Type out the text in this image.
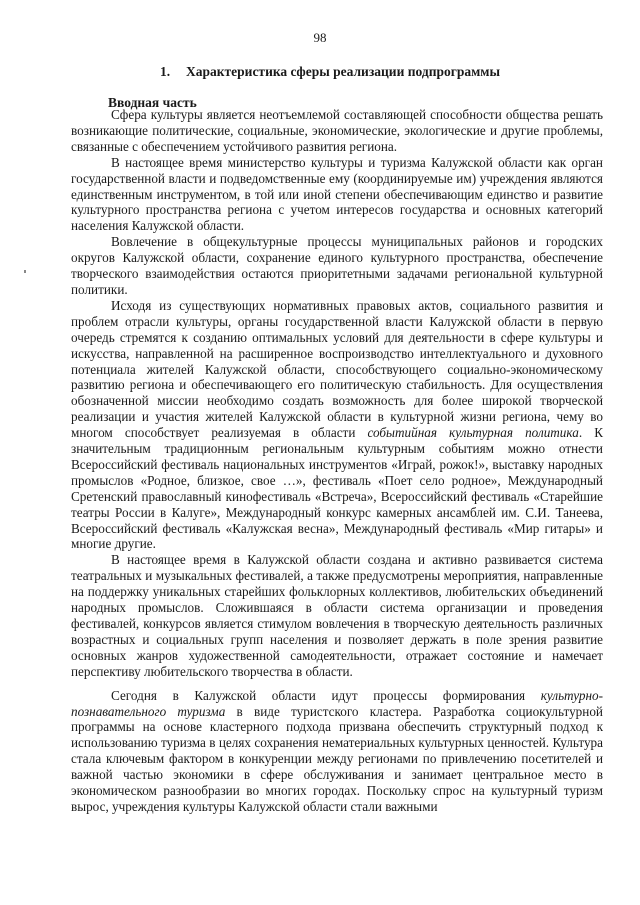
98
1. Характеристика сферы реализации подпрограммы
Вводная часть

Сфера культуры является неотъемлемой составляющей способности общества решать возникающие политические, социальные, экономические, экологические и другие проблемы, связанные с обеспечением устойчивого развития региона.

В настоящее время министерство культуры и туризма Калужской области как орган государственной власти и подведомственные ему (координируемые им) учреждения являются единственным инструментом, в той или иной степени обеспечивающим единство и развитие культурного пространства региона с учетом интересов государства и основных категорий населения Калужской области.

Вовлечение в общекультурные процессы муниципальных районов и городских округов Калужской области, сохранение единого культурного пространства, обеспечение творческого взаимодействия остаются приоритетными задачами региональной культурной политики.

Исходя из существующих нормативных правовых актов, социального развития и проблем отрасли культуры, органы государственной власти Калужской области в первую очередь стремятся к созданию оптимальных условий для деятельности в сфере культуры и искусства, направленной на расширенное воспроизводство интеллектуального и духовного потенциала жителей Калужской области, способствующего социально-экономическому развитию региона и обеспечивающего его политическую стабильность. Для осуществления обозначенной миссии необходимо создать возможность для более широкой творческой реализации и участия жителей Калужской области в культурной жизни региона, чему во многом способствует реализуемая в области событийная культурная политика. К значительным традиционным региональным культурным событиям можно отнести Всероссийский фестиваль национальных инструментов «Играй, рожок!», выставку народных промыслов «Родное, близкое, свое …», фестиваль «Поет село родное», Международный Сретенский православный кинофестиваль «Встреча», Всероссийский фестиваль «Старейшие театры России в Калуге», Международный конкурс камерных ансамблей им. С.И. Танеева, Всероссийский фестиваль «Калужская весна», Международный фестиваль «Мир гитары» и многие другие.

В настоящее время в Калужской области создана и активно развивается система театральных и музыкальных фестивалей, а также предусмотрены мероприятия, направленные на поддержку уникальных старейших фольклорных коллективов, любительских объединений народных промыслов. Сложившаяся в области система организации и проведения фестивалей, конкурсов является стимулом вовлечения в творческую деятельность различных возрастных и социальных групп населения и позволяет держать в поле зрения развитие основных жанров художественной самодеятельности, отражает состояние и намечает перспективу любительского творчества в области.

Сегодня в Калужской области идут процессы формирования культурно-познавательного туризма в виде туристского кластера. Разработка социокультурной программы на основе кластерного подхода призвана обеспечить структурный подход к использованию туризма в целях сохранения нематериальных культурных ценностей. Культура стала ключевым фактором в конкуренции между регионами по привлечению посетителей и важной частью экономики в сфере обслуживания и занимает центральное место в экономическом разнообразии во многих городах. Поскольку спрос на культурный туризм вырос, учреждения культуры Калужской области стали важными
